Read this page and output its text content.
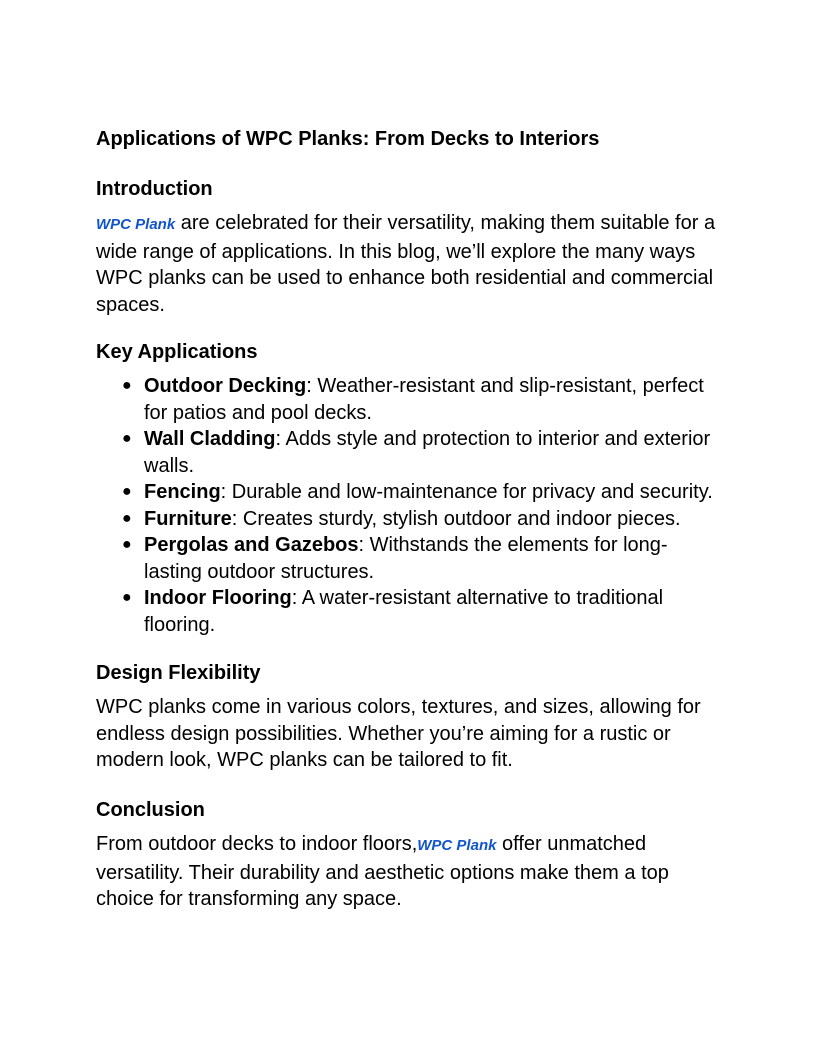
Applications of WPC Planks: From Decks to Interiors
Introduction

WPC Plank are celebrated for their versatility, making them suitable for a wide range of applications. In this blog, we’ll explore the many ways WPC planks can be used to enhance both residential and commercial spaces.

Key Applications
● Outdoor Decking: Weather-resistant and slip-resistant, perfect for patios and pool decks.
● Wall Cladding: Adds style and protection to interior and exterior walls.
● Fencing: Durable and low-maintenance for privacy and security.
● Furniture: Creates sturdy, stylish outdoor and indoor pieces.
● Pergolas and Gazebos: Withstands the elements for long-lasting outdoor structures.
● Indoor Flooring: A water-resistant alternative to traditional flooring.
Design Flexibility

WPC planks come in various colors, textures, and sizes, allowing for endless design possibilities. Whether you’re aiming for a rustic or modern look, WPC planks can be tailored to fit.

Conclusion

From outdoor decks to indoor floors,WPC Plank offer unmatched versatility. Their durability and aesthetic options make them a top choice for transforming any space.
